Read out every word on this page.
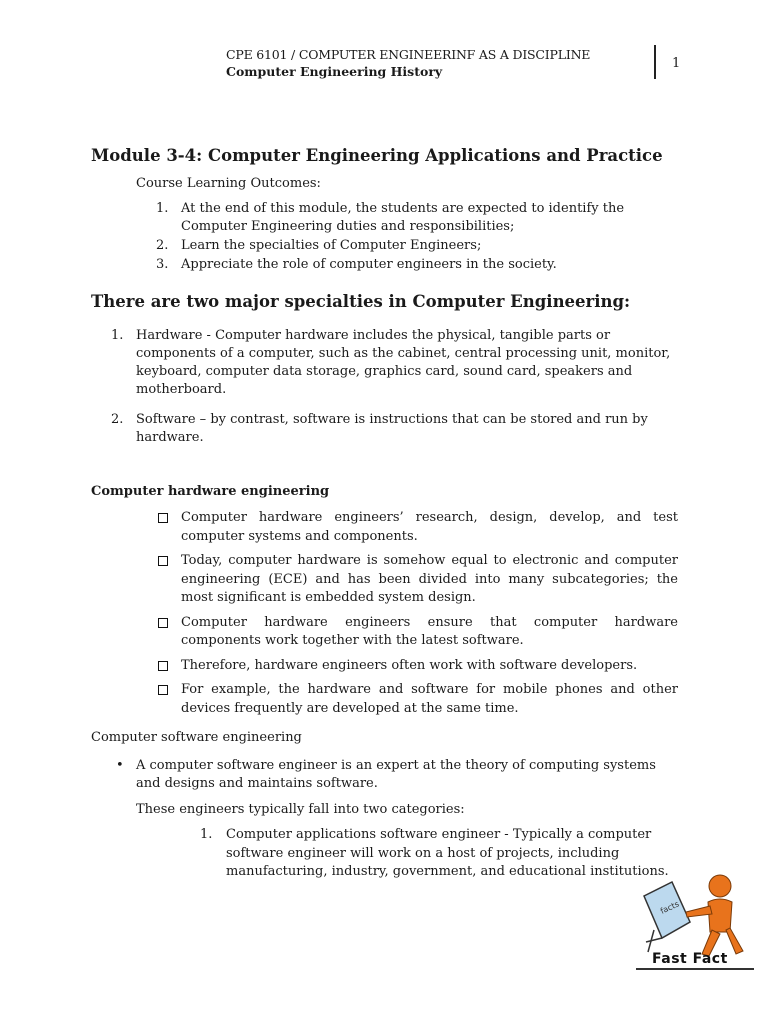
CPE 6101 / COMPUTER ENGINEERINF AS A DISCIPLINE
Computer Engineering History
1
Module 3-4: Computer Engineering Applications and Practice
Course Learning Outcomes:
1. At the end of this module, the students are expected to identify the Computer Engineering duties and responsibilities;
2. Learn the specialties of Computer Engineers;
3. Appreciate the role of computer engineers in the society.
There are two major specialties in Computer Engineering:
1. Hardware - Computer hardware includes the physical, tangible parts or components of a computer, such as the cabinet, central processing unit, monitor, keyboard, computer data storage, graphics card, sound card, speakers and motherboard.
2. Software – by contrast, software is instructions that can be stored and run by hardware.
Computer hardware engineering
Computer hardware engineers’ research, design, develop, and test computer systems and components.
Today, computer hardware is somehow equal to electronic and computer engineering (ECE) and has been divided into many subcategories; the most significant is embedded system design.
Computer hardware engineers ensure that computer hardware components work together with the latest software.
Therefore, hardware engineers often work with software developers.
For example, the hardware and software for mobile phones and other devices frequently are developed at the same time.
Computer software engineering
• A computer software engineer is an expert at the theory of computing systems and designs and maintains software.
These engineers typically fall into two categories:
1. Computer applications software engineer - Typically a computer
software engineer will work on a host of projects, including
manufacturing, industry, government, and educational institutions.
facts
Fast Fact
